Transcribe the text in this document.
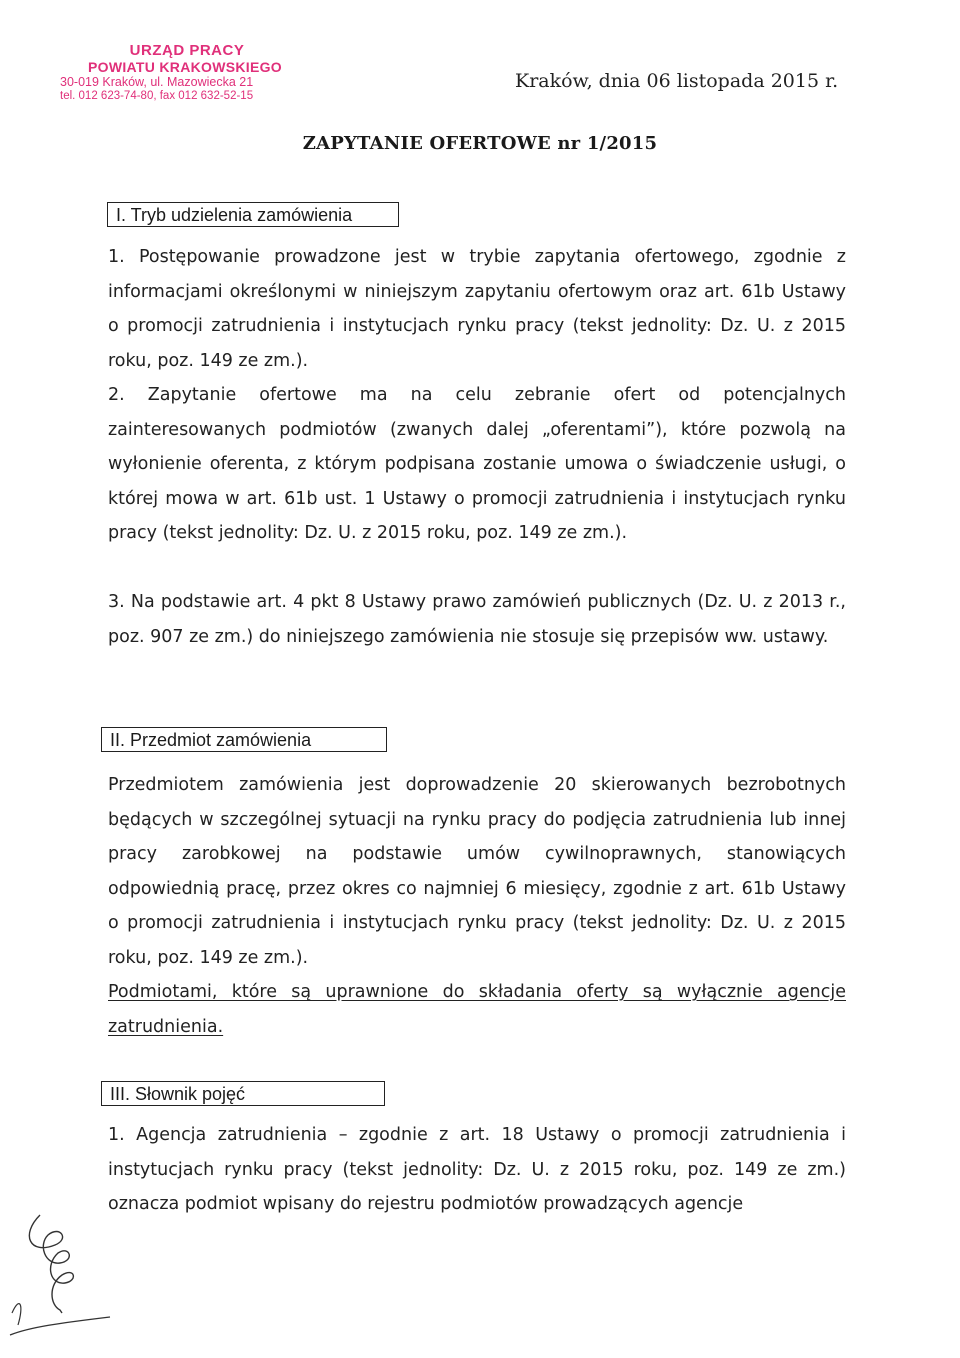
URZĄD PRACY
POWIATU KRAKOWSKIEGO
30-019 Kraków, ul. Mazowiecka 21
tel. 012 623-74-80, fax 012 632-52-15
Kraków, dnia 06 listopada 2015 r.
ZAPYTANIE OFERTOWE nr 1/2015
I. Tryb udzielenia zamówienia
1. Postępowanie prowadzone jest w trybie zapytania ofertowego, zgodnie z informacjami określonymi w niniejszym zapytaniu ofertowym oraz art. 61b Ustawy o promocji zatrudnienia i instytucjach rynku pracy (tekst jednolity: Dz. U. z 2015 roku, poz. 149 ze zm.).
2. Zapytanie ofertowe ma na celu zebranie ofert od potencjalnych zainteresowanych podmiotów (zwanych dalej „oferentami”), które pozwolą na wyłonienie oferenta, z którym podpisana zostanie umowa o świadczenie usługi, o której mowa w art. 61b ust. 1 Ustawy o promocji zatrudnienia i instytucjach rynku pracy (tekst jednolity: Dz. U. z 2015 roku, poz. 149 ze zm.).
3. Na podstawie art. 4 pkt 8 Ustawy prawo zamówień publicznych (Dz. U. z 2013 r., poz. 907 ze zm.) do niniejszego zamówienia nie stosuje się przepisów ww. ustawy.
II. Przedmiot zamówienia
Przedmiotem zamówienia jest doprowadzenie 20 skierowanych bezrobotnych będących w szczególnej sytuacji na rynku pracy do podjęcia zatrudnienia lub innej pracy zarobkowej na podstawie umów cywilnoprawnych, stanowiących odpowiednią pracę, przez okres co najmniej 6 miesięcy, zgodnie z art. 61b Ustawy o promocji zatrudnienia i instytucjach rynku pracy (tekst jednolity: Dz. U. z 2015 roku, poz. 149 ze zm.).
Podmiotami, które są uprawnione do składania oferty są wyłącznie agencje zatrudnienia.
III. Słownik pojęć
1. Agencja zatrudnienia – zgodnie z art. 18 Ustawy o promocji zatrudnienia i instytucjach rynku pracy (tekst jednolity: Dz. U. z 2015 roku, poz. 149 ze zm.) oznacza podmiot wpisany do rejestru podmiotów prowadzących agencje
